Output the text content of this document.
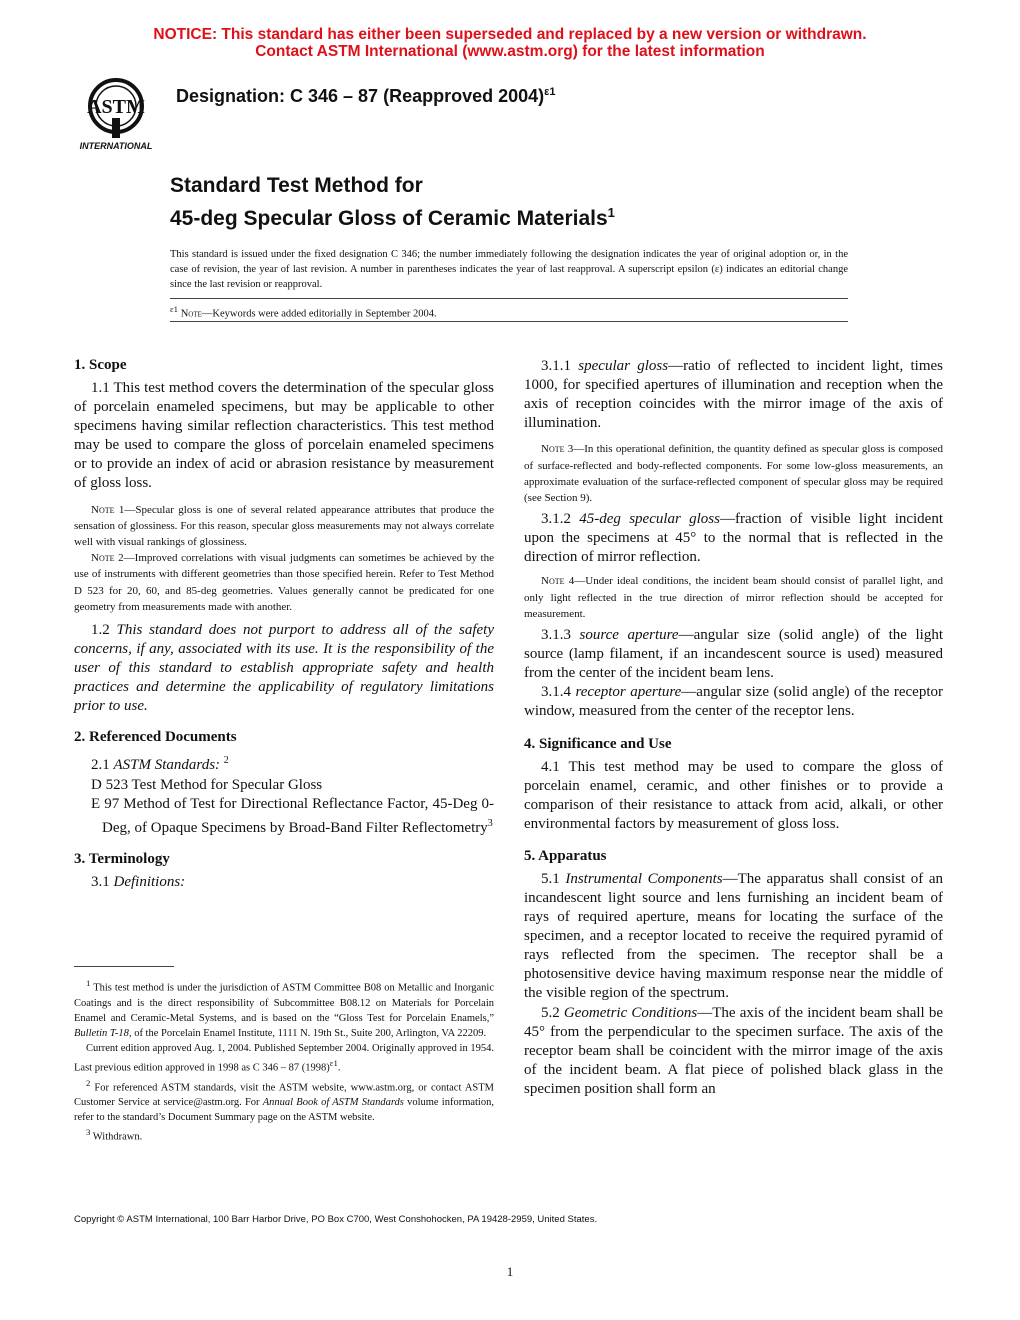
NOTICE: This standard has either been superseded and replaced by a new version or withdrawn.
Contact ASTM International (www.astm.org) for the latest information
ASTM
INTERNATIONAL
Designation: C 346 – 87 (Reapproved 2004)$^{\varepsilon 1}$
Standard Test Method for
45-deg Specular Gloss of Ceramic Materials$^1$
This standard is issued under the fixed designation C 346; the number immediately following the designation indicates the year of original adoption or, in the case of revision, the year of last revision. A number in parentheses indicates the year of last reapproval. A superscript epsilon (ε) indicates an editorial change since the last revision or reapproval.
$^{\varepsilon 1}$ Note—Keywords were added editorially in September 2004.
1. Scope

1.1 This test method covers the determination of the specular gloss of porcelain enameled specimens, but may be applicable to other specimens having similar reflection characteristics. This test method may be used to compare the gloss of porcelain enameled specimens or to provide an index of acid or abrasion resistance by measurement of gloss loss.

Note 1—Specular gloss is one of several related appearance attributes that produce the sensation of glossiness. For this reason, specular gloss measurements may not always correlate well with visual rankings of glossiness.

Note 2—Improved correlations with visual judgments can sometimes be achieved by the use of instruments with different geometries than those specified herein. Refer to Test Method D 523 for 20, 60, and 85-deg geometries. Values generally cannot be predicated for one geometry from measurements made with another.

1.2 This standard does not purport to address all of the safety concerns, if any, associated with its use. It is the responsibility of the user of this standard to establish appropriate safety and health practices and determine the applicability of regulatory limitations prior to use.

2. Referenced Documents

2.1 ASTM Standards: $^2$

D 523 Test Method for Specular Gloss

E 97 Method of Test for Directional Reflectance Factor, 45-Deg 0-Deg, of Opaque Specimens by Broad-Band Filter Reflectometry$^3$

3. Terminology

3.1 Definitions:

$^1$ This test method is under the jurisdiction of ASTM Committee B08 on Metallic and Inorganic Coatings and is the direct responsibility of Subcommittee B08.12 on Materials for Porcelain Enamel and Ceramic-Metal Systems, and is based on the “Gloss Test for Porcelain Enamels,” Bulletin T-18, of the Porcelain Enamel Institute, 1111 N. 19th St., Suite 200, Arlington, VA 22209.

Current edition approved Aug. 1, 2004. Published September 2004. Originally approved in 1954. Last previous edition approved in 1998 as C 346 – 87 $(1998)^{\varepsilon 1}$.

$^2$ For referenced ASTM standards, visit the ASTM website, www.astm.org, or contact ASTM Customer Service at service@astm.org. For Annual Book of ASTM Standards volume information, refer to the standard’s Document Summary page on the ASTM website.

$^3$ Withdrawn.

3.1.1 specular gloss—ratio of reflected to incident light, times 1000, for specified apertures of illumination and reception when the axis of reception coincides with the mirror image of the axis of illumination.

Note 3—In this operational definition, the quantity defined as specular gloss is composed of surface-reflected and body-reflected components. For some low-gloss measurements, an approximate evaluation of the surface-reflected component of specular gloss may be required (see Section 9).

3.1.2 45-deg specular gloss—fraction of visible light incident upon the specimens at 45° to the normal that is reflected in the direction of mirror reflection.

Note 4—Under ideal conditions, the incident beam should consist of parallel light, and only light reflected in the true direction of mirror reflection should be accepted for measurement.

3.1.3 source aperture—angular size (solid angle) of the light source (lamp filament, if an incandescent source is used) measured from the center of the incident beam lens.

3.1.4 receptor aperture—angular size (solid angle) of the receptor window, measured from the center of the receptor lens.

4. Significance and Use

4.1 This test method may be used to compare the gloss of porcelain enamel, ceramic, and other finishes or to provide a comparison of their resistance to attack from acid, alkali, or other environmental factors by measurement of gloss loss.

5. Apparatus

5.1 Instrumental Components—The apparatus shall consist of an incandescent light source and lens furnishing an incident beam of rays of required aperture, means for locating the surface of the specimen, and a receptor located to receive the required pyramid of rays reflected from the specimen. The receptor shall be a photosensitive device having maximum response near the middle of the visible region of the spectrum.

5.2 Geometric Conditions—The axis of the incident beam shall be 45° from the perpendicular to the specimen surface. The axis of the receptor beam shall be coincident with the mirror image of the axis of the incident beam. A flat piece of polished black glass in the specimen position shall form an

Copyright © ASTM International, 100 Barr Harbor Drive, PO Box C700, West Conshohocken, PA 19428-2959, United States.
1
